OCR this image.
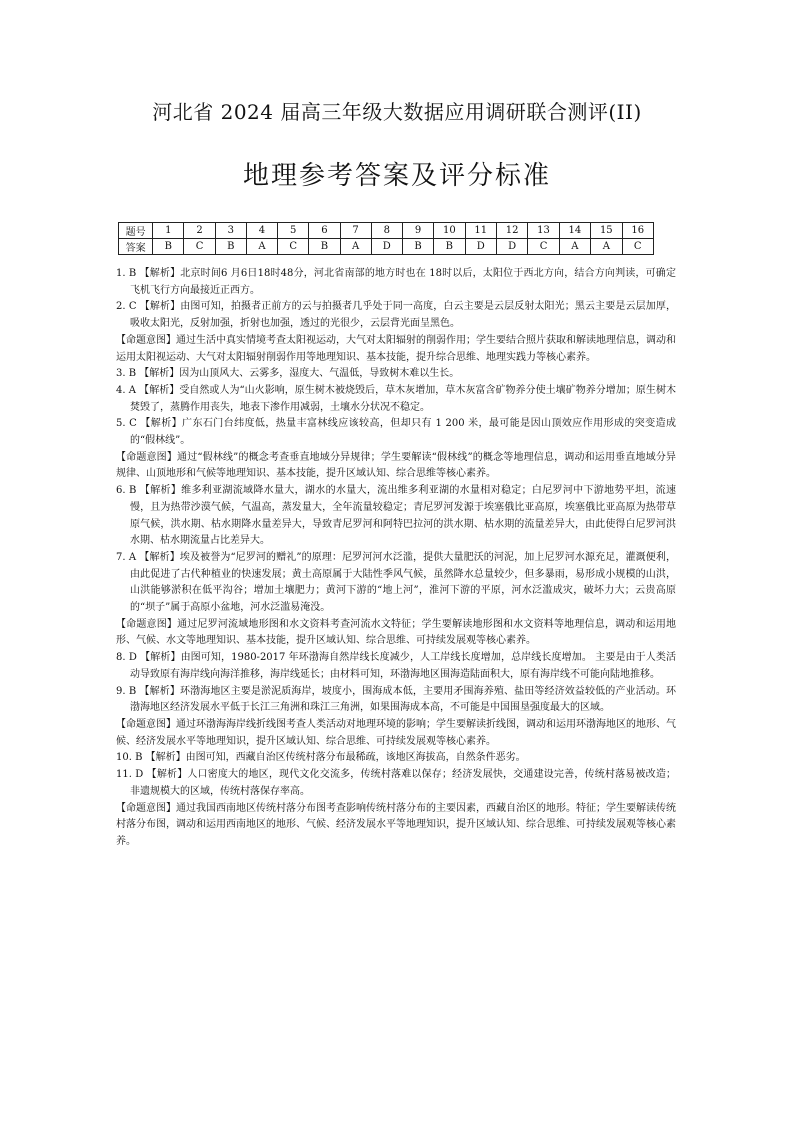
河北省 2024 届高三年级大数据应用调研联合测评(II)
地理参考答案及评分标准
题号	1	2	3	4	5	6	7	8	9	10	11	12	13	14	15	16
答案	B	C	B	A	C	B	A	D	B	B	D	D	C	A	A	C

1. B 【解析】北京时间6 月6日18时48分，河北省南部的地方时也在 18时以后，太阳位于西北方向，结合方向判读，可确定飞机飞行方向最接近正西方。

2. C 【解析】由图可知，拍摄者正前方的云与拍摄者几乎处于同一高度，白云主要是云层反射太阳光；黑云主要是云层加厚，吸收太阳光，反射加强，折射也加强，透过的光很少，云层背光面呈黑色。

【命题意图】通过生活中真实情境考查太阳视运动，大气对太阳辐射的削弱作用；学生要结合照片获取和解读地理信息，调动和运用太阳视运动、大气对太阳辐射削弱作用等地理知识、基本技能，提升综合思维、地理实践力等核心素养。

3. B 【解析】因为山顶风大、云雾多，湿度大、气温低，导致树木难以生长。

4. A 【解析】受自然或人为“山火影响，原生树木被烧毁后，草木灰增加，草木灰富含矿物养分使土壤矿物养分增加；原生树木焚毁了，蒸腾作用丧失，地表下渗作用减弱，土壤水分状况不稳定。

5. C 【解析】广东石门台纬度低，热量丰富林线应该较高，但却只有 1 200 米，最可能是因山顶效应作用形成的突变造成的“假林线”。

【命题意图】通过“假林线”的概念考查垂直地域分异规律；学生要解读“假林线”的概念等地理信息，调动和运用垂直地域分异规律、山顶地形和气候等地理知识、基本技能，提升区域认知、综合思维等核心素养。

6. B 【解析】维多利亚湖流域降水量大，湖水的水量大，流出维多利亚湖的水量相对稳定；白尼罗河中下游地势平坦，流速慢，且为热带沙漠气候，气温高，蒸发量大，全年流量较稳定；青尼罗河发源于埃塞俄比亚高原，埃塞俄比亚高原为热带草原气候，洪水期、枯水期降水量差异大，导致青尼罗河和阿特巴拉河的洪水期、枯水期的流量差异大，由此使得白尼罗河洪水期、枯水期流量占比差异大。

7. A 【解析】埃及被誉为“尼罗河的赠礼”的原理：尼罗河河水泛滥，提供大量肥沃的河泥，加上尼罗河水源充足，灌溉便利，由此促进了古代种植业的快速发展；黄土高原属于大陆性季风气候，虽然降水总量较少，但多暴雨，易形成小规模的山洪，山洪能够淤积在低平沟谷；增加土壤肥力；黄河下游的“地上河”，淮河下游的平原，河水泛滥成灾，破坏力大；云贵高原的“坝子”属于高原小盆地，河水泛滥易淹没。

【命题意图】通过尼罗河流域地形图和水文资料考查河流水文特征；学生要解读地形图和水文资料等地理信息，调动和运用地形、气候、水文等地理知识、基本技能，提升区域认知、综合思维、可持续发展观等核心素养。

8. D 【解析】由图可知，1980-2017 年环渤海自然岸线长度减少，人工岸线长度增加，总岸线长度增加。 主要是由于人类活动导致原有海岸线向海洋推移，海岸线延长；由材料可知，环渤海地区围海造陆面积大，原有海岸线不可能向陆地推移。

9. B 【解析】环渤海地区主要是淤泥质海岸，坡度小，围海成本低，主要用矛围海养殖、盐田等经济效益较低的产业活动。环渤海地区经济发展水平低于长江三角洲和珠江三角洲，如果围海成本高，不可能是中国围垦强度最大的区域。

【命题意图】通过环渤海海岸线折线图考查人类活动对地理环境的影响；学生要解读折线图，调动和运用环渤海地区的地形、气候、经济发展水平等地理知识，提升区域认知、综合思维、可持续发展观等核心素养。

10. B 【解析】由图可知，西藏自治区传统村落分布最稀疏，该地区海拔高，自然条件恶劣。

11. D 【解析】人口密度大的地区，现代文化交流多，传统村落难以保存；经济发展快，交通建设完善，传统村落易被改造；非遗规模大的区域，传统村落保存率高。

【命题意图】通过我国西南地区传统村落分布图考查影响传统村落分布的主要因素，西藏自治区的地形。特征；学生要解读传统村落分布图，调动和运用西南地区的地形、气候、经济发展水平等地理知识，提升区域认知、综合思维、可持续发展观等核心素养。
